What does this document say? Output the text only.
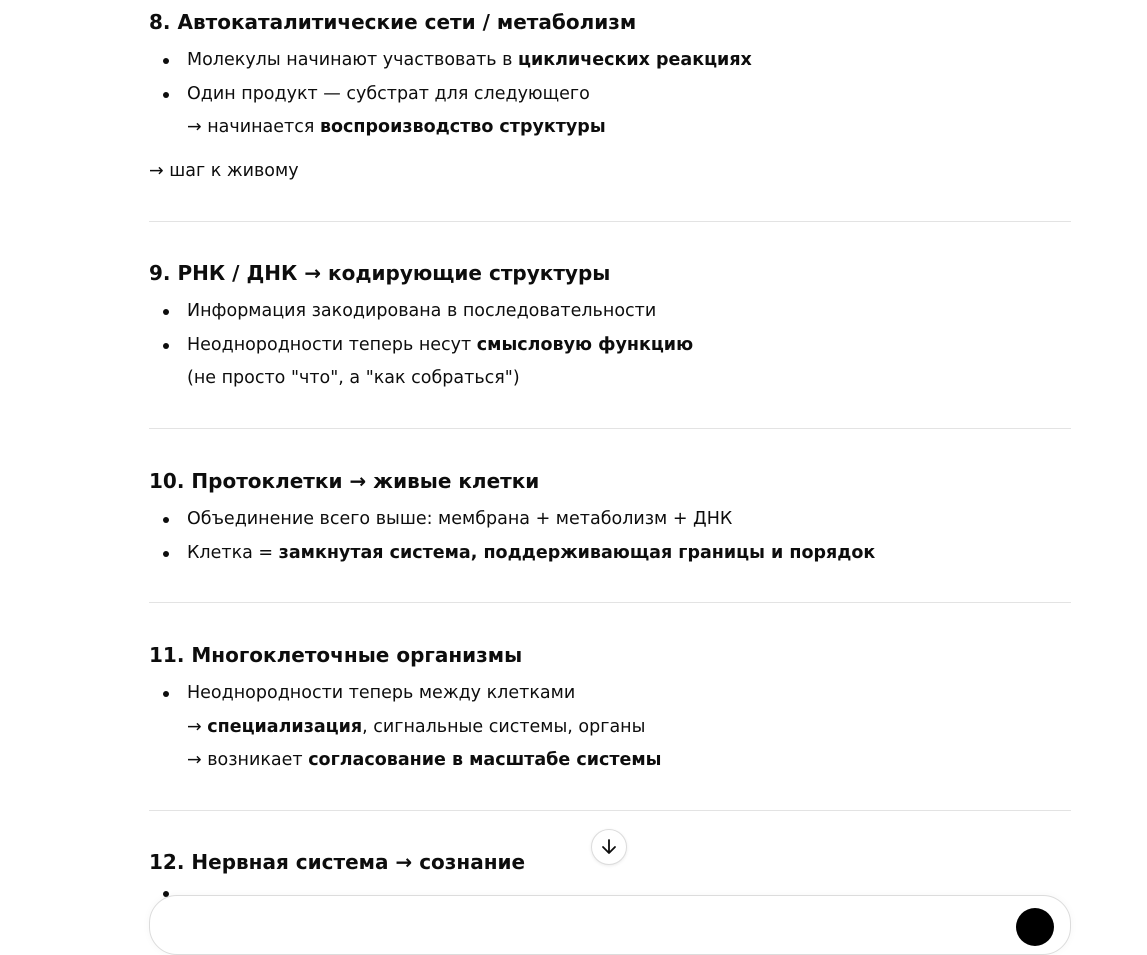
8. Автокаталитические сети / метаболизм
Молекулы начинают участвовать в циклических реакциях
Один продукт — субстрат для следующего
→ начинается воспроизводство структуры
→ шаг к живому
9. РНК / ДНК → кодирующие структуры
Информация закодирована в последовательности
Неоднородности теперь несут смысловую функцию
(не просто "что", а "как собраться")
10. Протоклетки → живые клетки
Объединение всего выше: мембрана + метаболизм + ДНК
Клетка = замкнутая система, поддерживающая границы и порядок
11. Многоклеточные организмы
Неоднородности теперь между клетками
→ специализация, сигнальные системы, органы
→ возникает согласование в масштабе системы
12. Нервная система → сознание
